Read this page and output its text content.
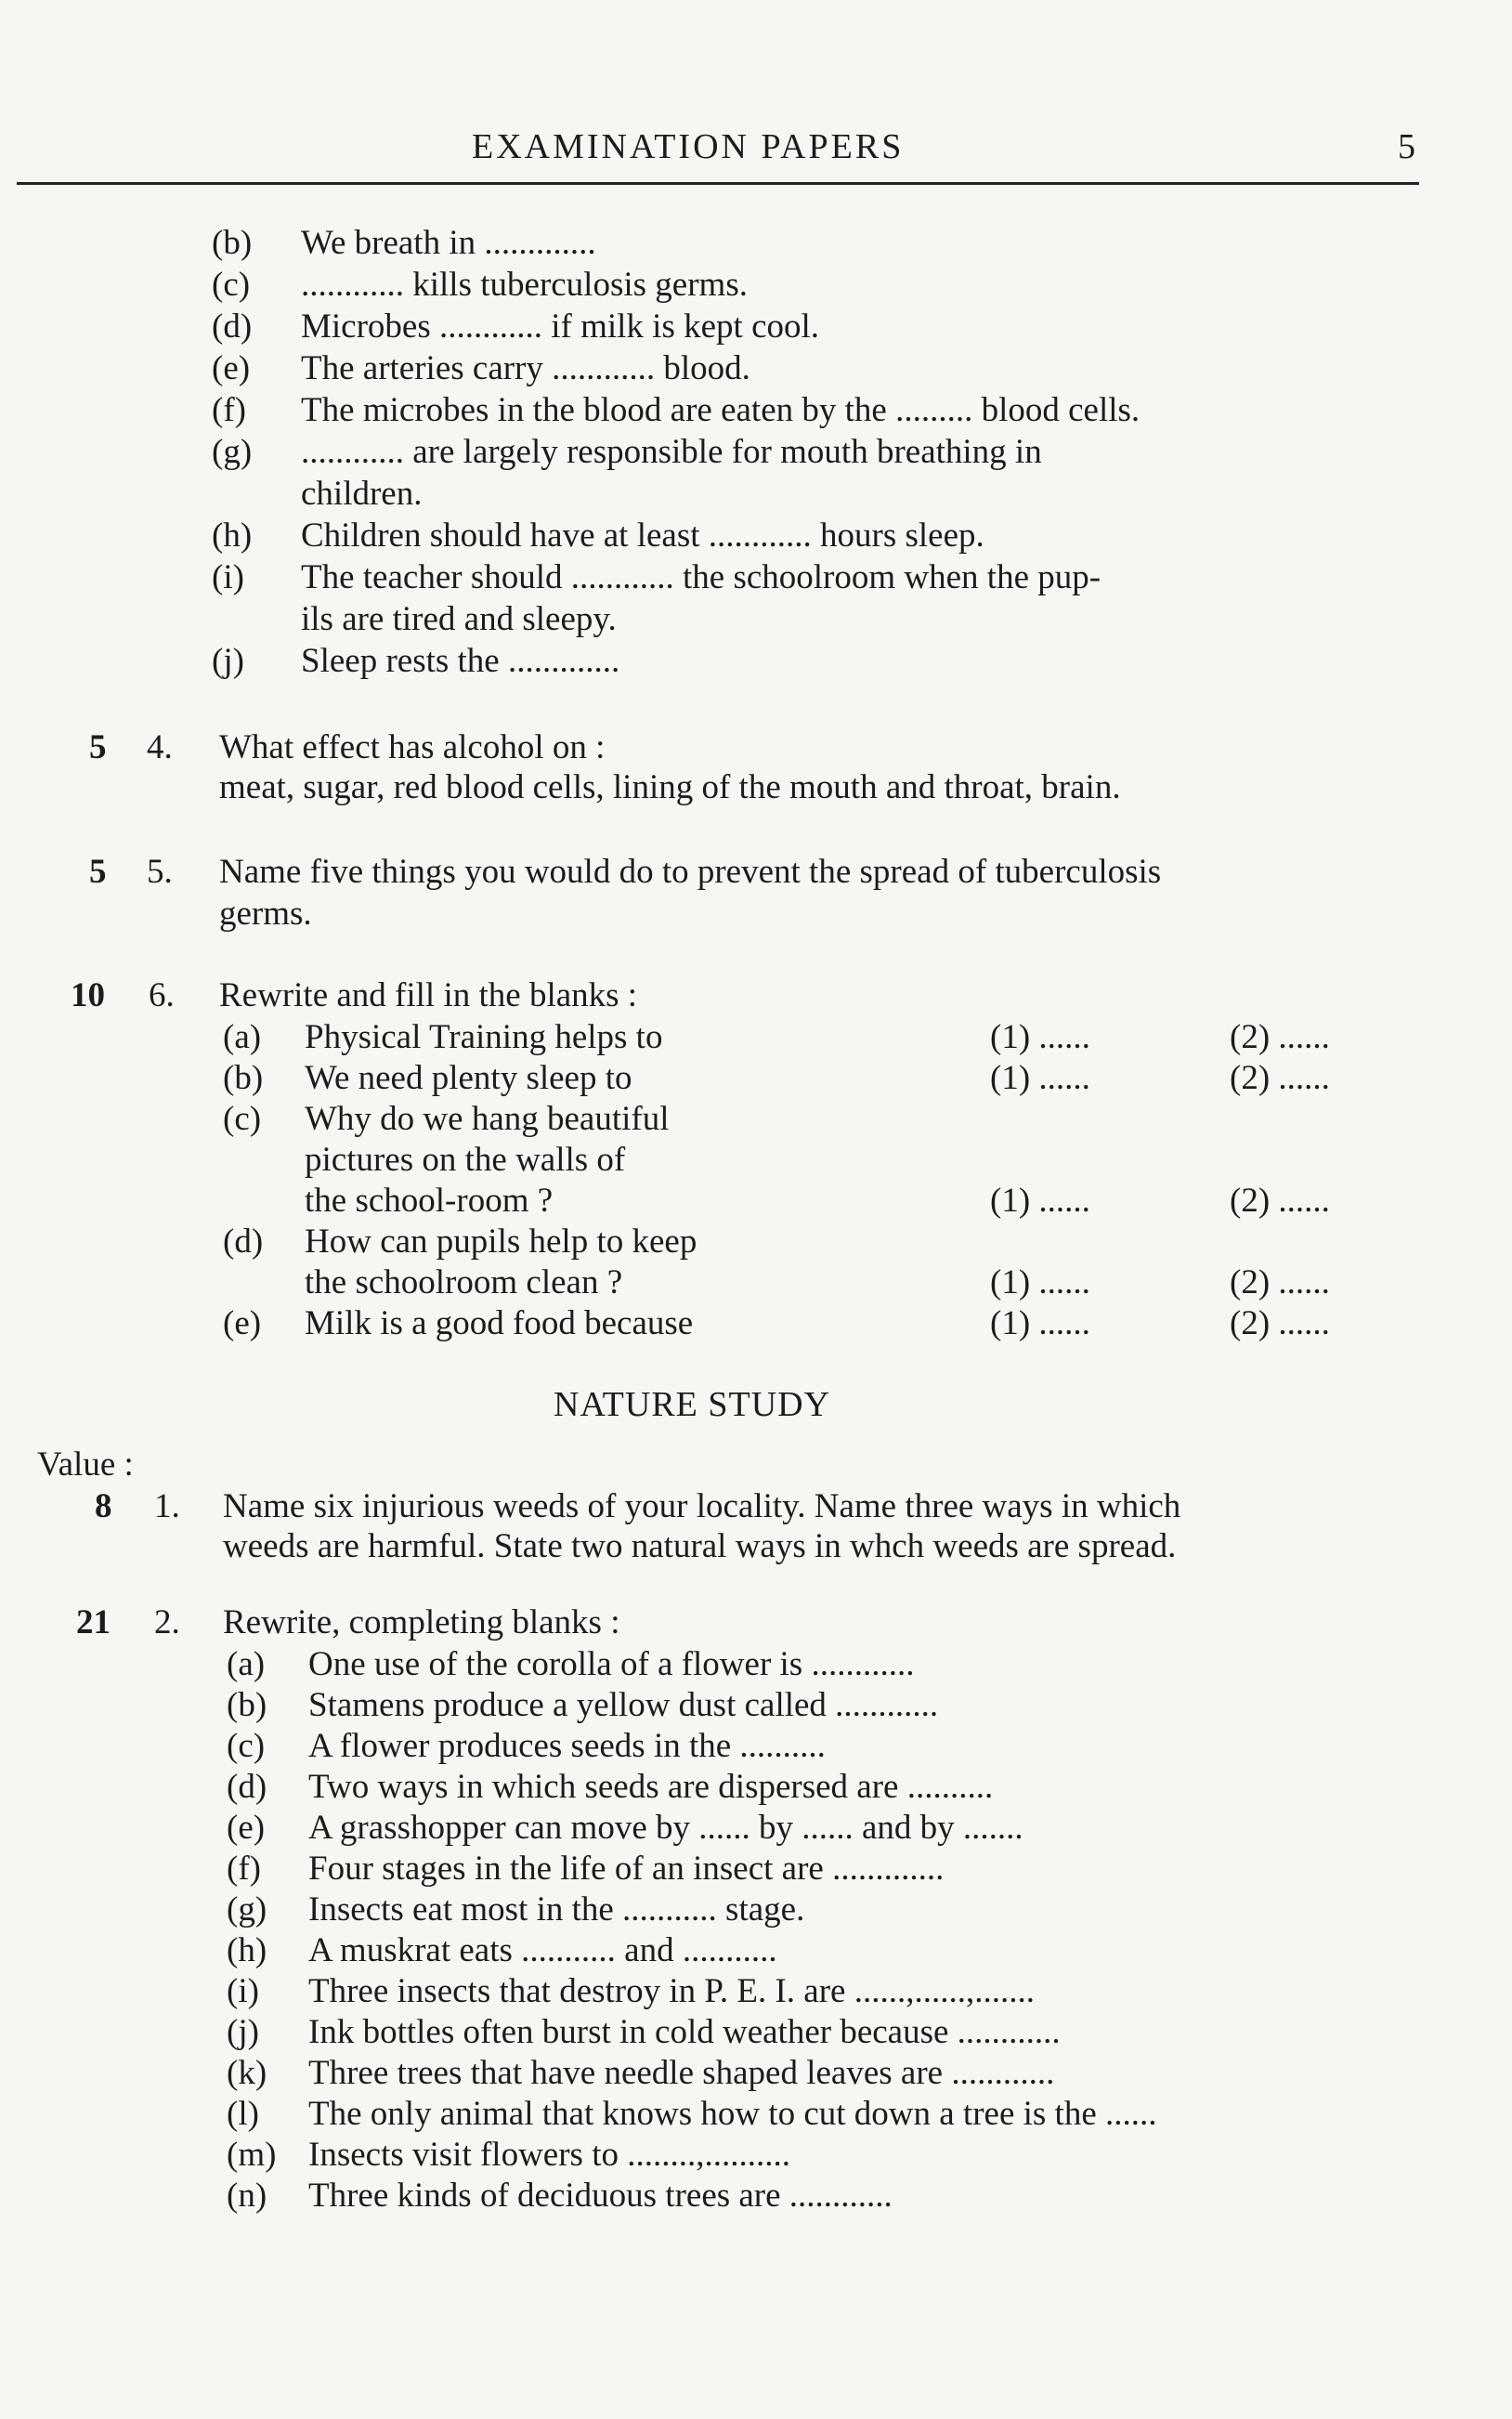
EXAMINATION PAPERS	5
(b) We breath in .............
(c) ............ kills tuberculosis germs.
(d) Microbes ............ if milk is kept cool.
(e) The arteries carry ............ blood.
(f) The microbes in the blood are eaten by the ......... blood cells.
(g) ............ are largely responsible for mouth breathing in
children.
(h) Children should have at least ............ hours sleep.
(i) The teacher should ............ the schoolroom when the pup-
ils are tired and sleepy.
(j) Sleep rests the .............
5 4. What effect has alcohol on :
meat, sugar, red blood cells, lining of the mouth and throat, brain.
5 5. Name five things you would do to prevent the spread of tuberculosis
germs.
10 6. Rewrite and fill in the blanks :
(a) Physical Training helps to	(1) ......	(2) ......
(b) We need plenty sleep to	(1) ......	(2) ......
(c) Why do we hang beautiful
pictures on the walls of
the school-room ?	(1) ......	(2) ......
(d) How can pupils help to keep
the schoolroom clean ?	(1) ......	(2) ......
(e) Milk is a good food because	(1) ......	(2) ......
NATURE STUDY
Value :
8 1. Name six injurious weeds of your locality. Name three ways in which
weeds are harmful. State two natural ways in whch weeds are spread.
21 2. Rewrite, completing blanks :
(a) One use of the corolla of a flower is ............
(b) Stamens produce a yellow dust called ............
(c) A flower produces seeds in the ..........
(d) Two ways in which seeds are dispersed are ..........
(e) A grasshopper can move by ...... by ...... and by .......
(f) Four stages in the life of an insect are .............
(g) Insects eat most in the ........... stage.
(h) A muskrat eats ........... and ...........
(i) Three insects that destroy in P. E. I. are ......,......,.......
(j) Ink bottles often burst in cold weather because ............
(k) Three trees that have needle shaped leaves are ............
(l) The only animal that knows how to cut down a tree is the ......
(m) Insects visit flowers to ........,..........
(n) Three kinds of deciduous trees are ............
